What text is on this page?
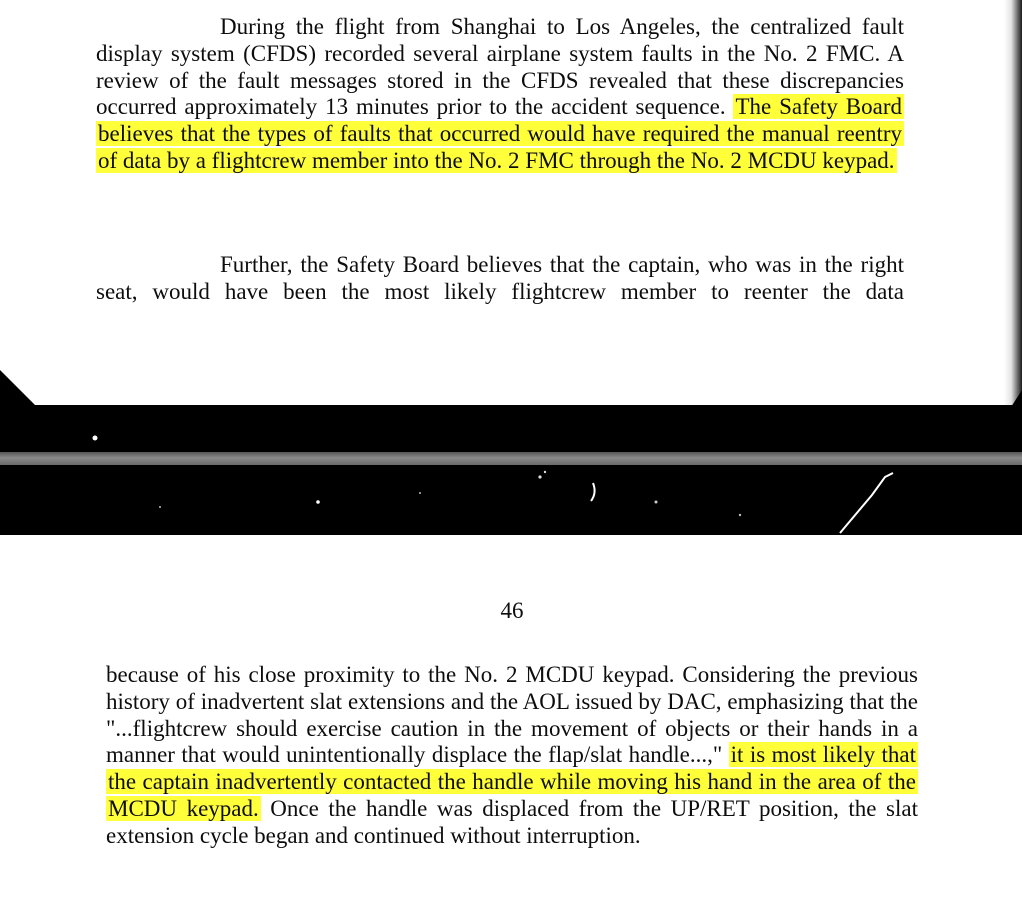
During the flight from Shanghai to Los Angeles, the centralized fault display system (CFDS) recorded several airplane system faults in the No. 2 FMC. A review of the fault messages stored in the CFDS revealed that these discrepancies occurred approximately 13 minutes prior to the accident sequence. The Safety Board believes that the types of faults that occurred would have required the manual reentry of data by a flightcrew member into the No. 2 FMC through the No. 2 MCDU keypad.

Further, the Safety Board believes that the captain, who was in the right seat, would have been the most likely flightcrew member to reenter the data

46

because of his close proximity to the No. 2 MCDU keypad. Considering the previous history of inadvertent slat extensions and the AOL issued by DAC, emphasizing that the "...flightcrew should exercise caution in the movement of objects or their hands in a manner that would unintentionally displace the flap/slat handle...," it is most likely that the captain inadvertently contacted the handle while moving his hand in the area of the MCDU keypad. Once the handle was displaced from the UP/RET position, the slat extension cycle began and continued without interruption.
